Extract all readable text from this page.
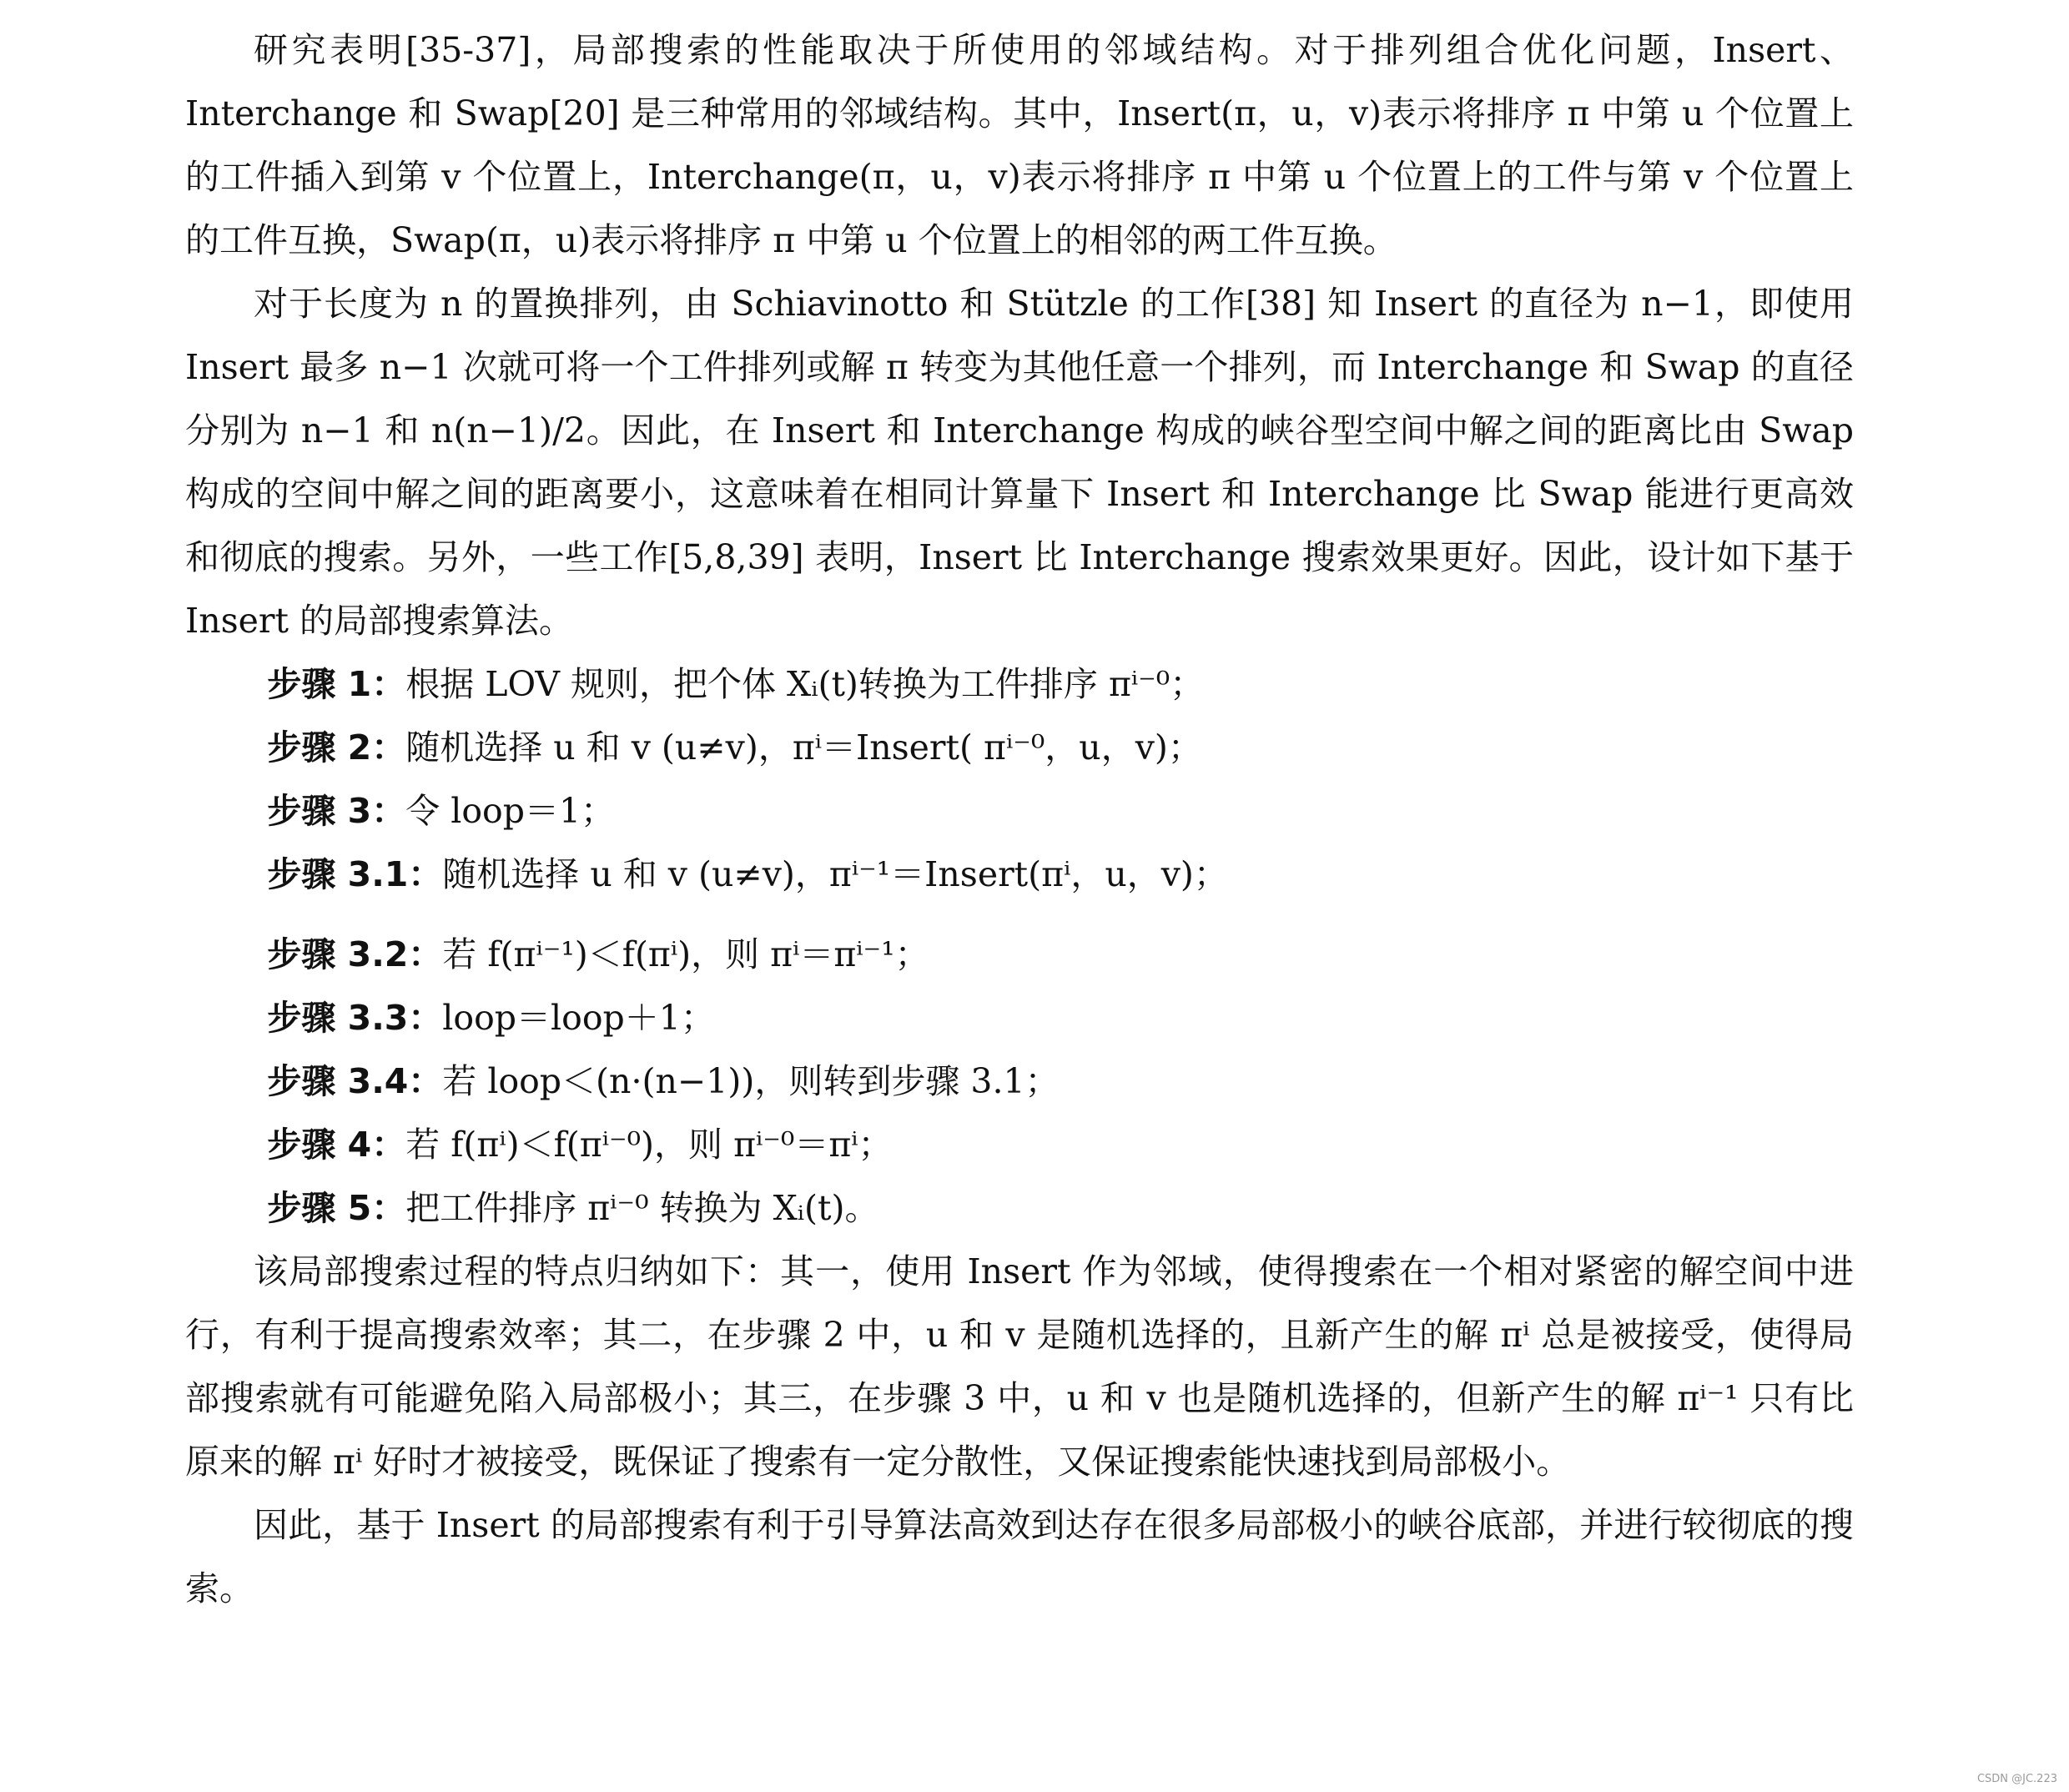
研究表明[35-37]，局部搜索的性能取决于所使用的邻域结构。对于排列组合优化问题，Insert、Interchange 和 Swap[20] 是三种常用的邻域结构。其中，Insert(π，u，v)表示将排序 π 中第 u 个位置上的工件插入到第 v 个位置上，Interchange(π，u，v)表示将排序 π 中第 u 个位置上的工件与第 v 个位置上的工件互换，Swap(π，u)表示将排序 π 中第 u 个位置上的相邻的两工件互换。

对于长度为 n 的置换排列，由 Schiavinotto 和 Stützle 的工作[38] 知 Insert 的直径为 n−1，即使用 Insert 最多 n−1 次就可将一个工件排列或解 π 转变为其他任意一个排列，而 Interchange 和 Swap 的直径分别为 n−1 和 n(n−1)/2。因此，在 Insert 和 Interchange 构成的峡谷型空间中解之间的距离比由 Swap 构成的空间中解之间的距离要小，这意味着在相同计算量下 Insert 和 Interchange 比 Swap 能进行更高效和彻底的搜索。另外，一些工作[5,8,39] 表明，Insert 比 Interchange 搜索效果更好。因此，设计如下基于 Insert 的局部搜索算法。

步骤 1：根据 LOV 规则，把个体 Xᵢ(t)转换为工件排序 πⁱ⁻⁰；
步骤 2：随机选择 u 和 v (u≠v)，πⁱ＝Insert( πⁱ⁻⁰，u，v)；
步骤 3：令 loop＝1；
步骤 3.1：随机选择 u 和 v (u≠v)，πⁱ⁻¹＝Insert(πⁱ，u，v)；
步骤 3.2：若 f(πⁱ⁻¹)＜f(πⁱ)，则 πⁱ＝πⁱ⁻¹；
步骤 3.3：loop＝loop＋1；
步骤 3.4：若 loop＜(n·(n−1))，则转到步骤 3.1；
步骤 4：若 f(πⁱ)＜f(πⁱ⁻⁰)，则 πⁱ⁻⁰＝πⁱ；
步骤 5：把工件排序 πⁱ⁻⁰ 转换为 Xᵢ(t)。

该局部搜索过程的特点归纳如下：其一，使用 Insert 作为邻域，使得搜索在一个相对紧密的解空间中进行，有利于提高搜索效率；其二，在步骤 2 中，u 和 v 是随机选择的，且新产生的解 πⁱ 总是被接受，使得局部搜索就有可能避免陷入局部极小；其三，在步骤 3 中，u 和 v 也是随机选择的，但新产生的解 πⁱ⁻¹ 只有比原来的解 πⁱ 好时才被接受，既保证了搜索有一定分散性，又保证搜索能快速找到局部极小。

因此，基于 Insert 的局部搜索有利于引导算法高效到达存在很多局部极小的峡谷底部，并进行较彻底的搜索。

CSDN @JC.223
